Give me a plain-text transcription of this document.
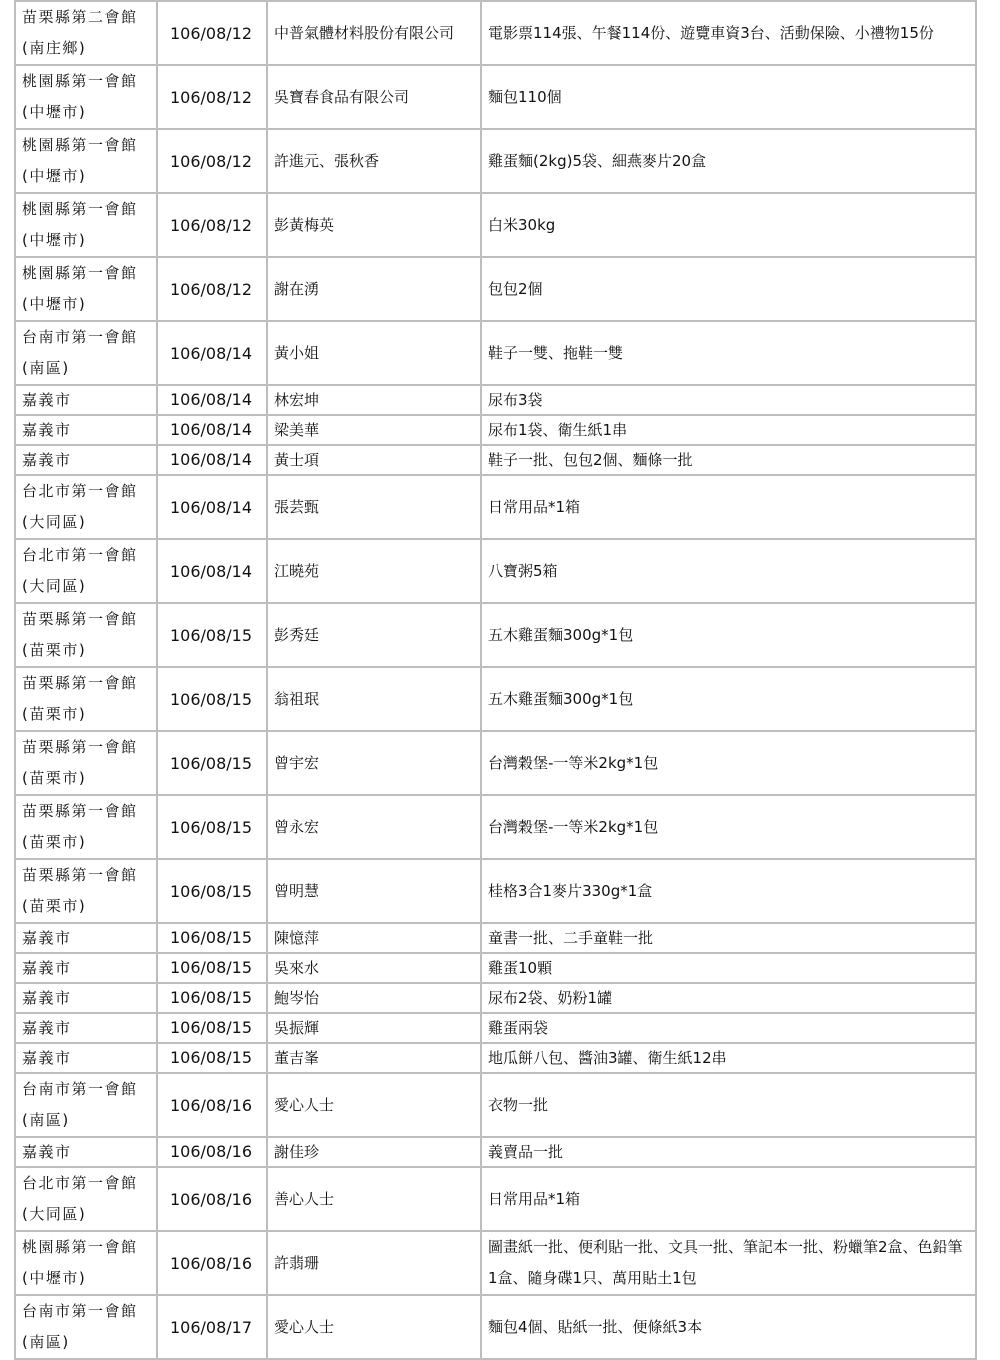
苗栗縣第二會館(南庄鄉)	106/08/12	中普氣體材料股份有限公司	電影票114張、午餐114份、遊覽車資3台、活動保險、小禮物15份
桃園縣第一會館(中壢市)	106/08/12	吳寶春食品有限公司	麵包110個
桃園縣第一會館(中壢市)	106/08/12	許進元、張秋香	雞蛋麵(2kg)5袋、細燕麥片20盒
桃園縣第一會館(中壢市)	106/08/12	彭黃梅英	白米30kg
桃園縣第一會館(中壢市)	106/08/12	謝在湧	包包2個
台南市第一會館(南區)	106/08/14	黃小姐	鞋子一雙、拖鞋一雙
嘉義市	106/08/14	林宏坤	尿布3袋
嘉義市	106/08/14	梁美華	尿布1袋、衛生紙1串
嘉義市	106/08/14	黃士項	鞋子一批、包包2個、麵條一批
台北市第一會館(大同區)	106/08/14	張芸甄	日常用品*1箱
台北市第一會館(大同區)	106/08/14	江曉苑	八寶粥5箱
苗栗縣第一會館(苗栗市)	106/08/15	彭秀廷	五木雞蛋麵300g*1包
苗栗縣第一會館(苗栗市)	106/08/15	翁祖珉	五木雞蛋麵300g*1包
苗栗縣第一會館(苗栗市)	106/08/15	曾宇宏	台灣穀堡-一等米2kg*1包
苗栗縣第一會館(苗栗市)	106/08/15	曾永宏	台灣穀堡-一等米2kg*1包
苗栗縣第一會館(苗栗市)	106/08/15	曾明慧	桂格3合1麥片330g*1盒
嘉義市	106/08/15	陳憶萍	童書一批、二手童鞋一批
嘉義市	106/08/15	吳來水	雞蛋10顆
嘉義市	106/08/15	鮑岑怡	尿布2袋、奶粉1罐
嘉義市	106/08/15	吳振輝	雞蛋兩袋
嘉義市	106/08/15	董吉峯	地瓜餅八包、醬油3罐、衛生紙12串
台南市第一會館(南區)	106/08/16	愛心人士	衣物一批
嘉義市	106/08/16	謝佳珍	義賣品一批
台北市第一會館(大同區)	106/08/16	善心人士	日常用品*1箱
桃園縣第一會館(中壢市)	106/08/16	許翡珊	圖畫紙一批、便利貼一批、文具一批、筆記本一批、粉蠟筆2盒、色鉛筆1盒、隨身碟1只、萬用貼土1包
台南市第一會館(南區)	106/08/17	愛心人士	麵包4個、貼紙一批、便條紙3本
